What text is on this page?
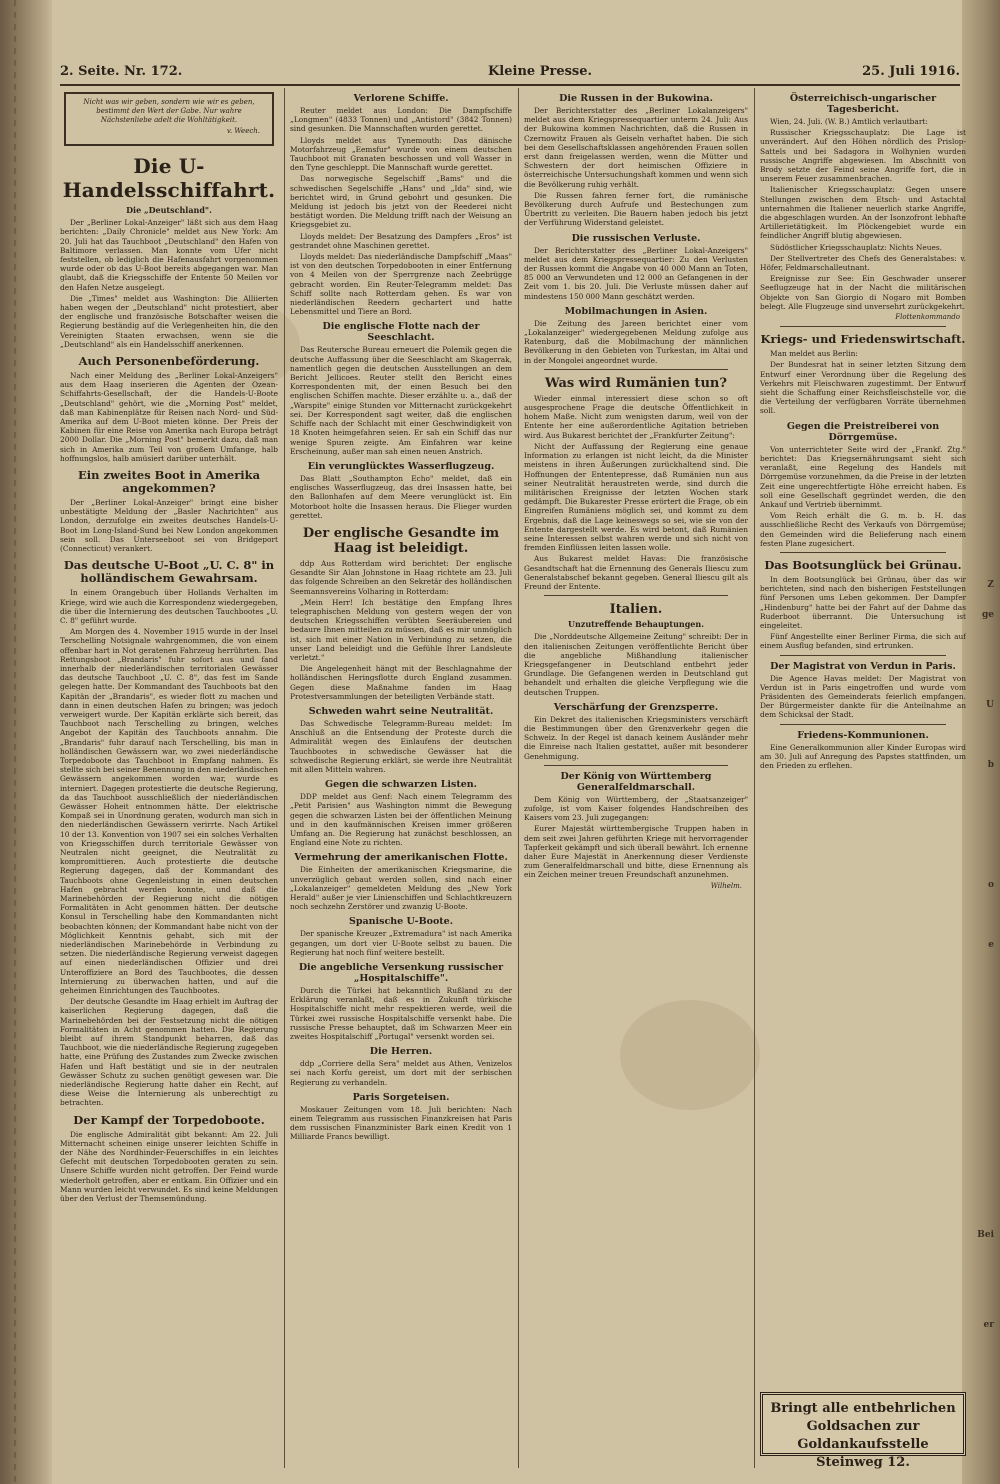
Z
ge
U
b
o
e
Bei
er
2. Seite. Nr. 172.	Kleine Presse.	25. Juli 1916.
Nicht was wir geben, sondern wie wir es geben, bestimmt den Wert der Gabe. Nur wahre Nächstenliebe adelt die Wohltätigkeit.
v. Weech.
Die U-Handelsschiffahrt.
Die „Deutschland".

Der „Berliner Lokal-Anzeiger" läßt sich aus dem Haag berichten: „Daily Chronicle" meldet aus New York: Am 20. Juli hat das Tauchboot „Deutschland" den Hafen von Baltimore verlassen. Man konnte vom Ufer nicht feststellen, ob lediglich die Hafenausfahrt vorgenommen wurde oder ob das U-Boot bereits abgegangen war. Man glaubt, daß die Kriegsschiffe der Entente 50 Meilen vor den Hafen Netze ausgelegt.

Die „Times" meldet aus Washington: Die Alliierten haben wegen der „Deutschland" nicht protestiert, aber der englische und französische Botschafter weisen die Regierung beständig auf die Verlegenheiten hin, die den Vereinigten Staaten erwachsen, wenn sie die „Deutschland" als ein Handelsschiff anerkennen.

Auch Personenbeförderung.

Nach einer Meldung des „Berliner Lokal-Anzeigers" aus dem Haag inserieren die Agenten der Ozean-Schiffahrts-Gesellschaft, der die Handels-U-Boote „Deutschland" gehört, wie die „Morning Post" meldet, daß man Kabinenplätze für Reisen nach Nord- und Süd-Amerika auf dem U-Boot mieten könne. Der Preis der Kabinen für eine Reise von Amerika nach Europa beträgt 2000 Dollar. Die „Morning Post" bemerkt dazu, daß man sich in Amerika zum Teil von großem Umfange, halb hoffnungslos, halb amüsiert darüber unterhält.

Ein zweites Boot in Amerika angekommen?

Der „Berliner Lokal-Anzeiger" bringt eine bisher unbestätigte Meldung der „Basler Nachrichten" aus London, derzufolge ein zweites deutsches Handels-U-Boot im Long-Island-Sund bei New London angekommen sein soll. Das Unterseeboot sei von Bridgeport (Connecticut) verankert.

Das deutsche U-Boot „U. C. 8" in holländischem Gewahrsam.

In einem Orangebuch über Hollands Verhalten im Kriege, wird wie auch die Korrespondenz wiedergegeben, die über die Internierung des deutschen Tauchbootes „U. C. 8" geführt wurde.

Am Morgen des 4. November 1915 wurde in der Insel Terschelling Notsignale wahrgenommen, die von einem offenbar hart in Not geratenen Fahrzeug herrührten. Das Rettungsboot „Brandaris" fuhr sofort aus und fand innerhalb der niederländischen territorialen Gewässer das deutsche Tauchboot „U. C. 8", das fest im Sande gelegen hatte. Der Kommandant des Tauchboots bat den Kapitän der „Brandaris", es wieder flott zu machen und dann in einen deutschen Hafen zu bringen; was jedoch verweigert wurde. Der Kapitän erklärte sich bereit, das Tauchboot nach Terschelling zu bringen, welches Angebot der Kapitän des Tauchboots annahm. Die „Brandaris" fuhr darauf nach Terschelling, bis man in holländischen Gewässern war, wo zwei niederländische Torpedoboote das Tauchboot in Empfang nahmen. Es stellte sich bei seiner Benennung in den niederländischen Gewässern angekommen worden war, wurde es interniert. Dagegen protestierte die deutsche Regierung, da das Tauchboot ausschließlich der niederländischen Gewässer Hoheit entnommen hätte. Der elektrische Kompaß sei in Unordnung geraten, wodurch man sich in den niederländischen Gewässern verirrte. Nach Artikel 10 der 13. Konvention von 1907 sei ein solches Verhalten von Kriegsschiffen durch territoriale Gewässer von Neutralen nicht geeignet, die Neutralität zu kompromittieren. Auch protestierte die deutsche Regierung dagegen, daß der Kommandant des Tauchboots ohne Gegenleistung in einen deutschen Hafen gebracht werden konnte, und daß die Marinebehörden der Regierung nicht die nötigen Formalitäten in Acht genommen hätten. Der deutsche Konsul in Terschelling habe den Kommandanten nicht beobachten können; der Kommandant habe nicht von der Möglichkeit Kenntnis gehabt, sich mit der niederländischen Marinebehörde in Verbindung zu setzen. Die niederländische Regierung verweist dagegen auf einen niederländischen Offizier und drei Unteroffiziere an Bord des Tauchbootes, die dessen Internierung zu überwachen hatten, und auf die geheimen Einrichtungen des Tauchbootes.

Der deutsche Gesandte im Haag erhielt im Auftrag der kaiserlichen Regierung dagegen, daß die Marinebehörden bei der Festsetzung nicht die nötigen Formalitäten in Acht genommen hatten. Die Regierung bleibt auf ihrem Standpunkt beharren, daß das Tauchboot, wie die niederländische Regierung zugegeben hatte, eine Prüfung des Zustandes zum Zwecke zwischen Hafen und Haft bestätigt und sie in der neutralen Gewässer Schutz zu suchen genötigt gewesen war. Die niederländische Regierung hatte daher ein Recht, auf diese Weise die Internierung als unberechtigt zu betrachten.

Der Kampf der Torpedoboote.

Die englische Admiralität gibt bekannt: Am 22. Juli Mitternacht scheinen einige unserer leichten Schiffe in der Nähe des Nordhinder-Feuerschiffes in ein leichtes Gefecht mit deutschen Torpedobooten geraten zu sein. Unsere Schiffe wurden nicht getroffen. Der Feind wurde wiederholt getroffen, aber er entkam. Ein Offizier und ein Mann wurden leicht verwundet. Es sind keine Meldungen über den Verlust der Themsemündung.

Verlorene Schiffe.

Reuter meldet aus London: Die Dampfschiffe „Longmen" (4833 Tonnen) und „Antistord" (3842 Tonnen) sind gesunken. Die Mannschaften wurden gerettet.

Lloyds meldet aus Tynemouth: Das dänische Motorfahrzeug „Eemsfur" wurde von einem deutschen Tauchboot mit Granaten beschossen und voll Wasser in den Tyne geschleppt. Die Mannschaft wurde gerettet.

Das norwegische Segelschiff „Bams" und die schwedischen Segelschiffe „Hans" und „Ida" sind, wie berichtet wird, in Grund gebohrt und gesunken. Die Meldung ist jedoch bis jetzt von der Reederei nicht bestätigt worden. Die Meldung trifft nach der Weisung an Kriegsgebiet zu.

Lloyds meldet: Der Besatzung des Dampfers „Eros" ist gestrandet ohne Maschinen gerettet.

Lloyds meldet: Das niederländische Dampfschiff „Maas" ist von den deutschen Torpedobooten in einer Entfernung von 4 Meilen von der Sperrgrenze nach Zeebrügge gebracht worden. Ein Reuter-Telegramm meldet: Das Schiff sollte nach Rotterdam gehen. Es war von niederländischen Reedern gechartert und hatte Lebensmittel und Tiere an Bord.

Die englische Flotte nach der Seeschlacht.

Das Reutersche Bureau erneuert die Polemik gegen die deutsche Auffassung über die Seeschlacht am Skagerrak, namentlich gegen die deutschen Ausstellungen an dem Bericht Jellicoes. Reuter stellt den Bericht eines Korrespondenten mit, der einen Besuch bei den englischen Schiffen machte. Dieser erzählte u. a., daß der „Warspite" einige Stunden vor Mitternacht zurückgekehrt sei. Der Korrespondent sagt weiter, daß die englischen Schiffe nach der Schlacht mit einer Geschwindigkeit von 18 Knoten heimgefahren seien. Er sah ein Schiff das nur wenige Spuren zeigte. Am Einfahren war keine Erscheinung, außer man sah einen neuen Anstrich.

Ein verunglücktes Wasserflugzeug.

Das Blatt „Southampton Echo" meldet, daß ein englisches Wasserflugzeug, das drei Insassen hatte, bei den Ballonhafen auf dem Meere verunglückt ist. Ein Motorboot holte die Insassen heraus. Die Flieger wurden gerettet.

Der englische Gesandte im Haag ist beleidigt.

ddp Aus Rotterdam wird berichtet: Der englische Gesandte Sir Alan Johnstone in Haag richtete am 23. Juli das folgende Schreiben an den Sekretär des holländischen Seemannsvereins Volharing in Rotterdam:

„Mein Herr! Ich bestätige den Empfang Ihres telegraphischen Meldung von gestern wegen der von deutschen Kriegsschiffen verübten Seeräubereien und bedaure Ihnen mitteilen zu müssen, daß es mir unmöglich ist, sich mit einer Nation in Verbindung zu setzen, die unser Land beleidigt und die Gefühle Ihrer Landsleute verletzt."

Die Angelegenheit hängt mit der Beschlagnahme der holländischen Heringsflotte durch England zusammen. Gegen diese Maßnahme fanden im Haag Protestversammlungen der beteiligten Verbände statt.

Schweden wahrt seine Neutralität.

Das Schwedische Telegramm-Bureau meldet: Im Anschluß an die Entsendung der Proteste durch die Admiralität wegen des Einlaufens der deutschen Tauchbootes in schwedische Gewässer hat die schwedische Regierung erklärt, sie werde ihre Neutralität mit allen Mitteln wahren.

Gegen die schwarzen Listen.

DDP meldet aus Genf: Nach einem Telegramm des „Petit Parisien" aus Washington nimmt die Bewegung gegen die schwarzen Listen bei der öffentlichen Meinung und in den kaufmännischen Kreisen immer größeren Umfang an. Die Regierung hat zunächst beschlossen, an England eine Note zu richten.

Vermehrung der amerikanischen Flotte.

Die Einheiten der amerikanischen Kriegsmarine, die unverzüglich gebaut werden sollen, sind nach einer „Lokalanzeiger" gemeldeten Meldung des „New York Herald" außer je vier Linienschiffen und Schlachtkreuzern noch sechzehn Zerstörer und zwanzig U-Boote.

Spanische U-Boote.

Der spanische Kreuzer „Extremadura" ist nach Amerika gegangen, um dort vier U-Boote selbst zu bauen. Die Regierung hat noch fünf weitere bestellt.

Die angebliche Versenkung russischer „Hospitalschiffe".

Durch die Türkei hat bekanntlich Rußland zu der Erklärung veranlaßt, daß es in Zukunft türkische Hospitalschiffe nicht mehr respektieren werde, weil die Türkei zwei russische Hospitalschiffe versenkt habe. Die russische Presse behauptet, daß im Schwarzen Meer ein zweites Hospitalschiff „Portugal" versenkt worden sei.

Die Herren.

ddp „Corriere della Sera" meldet aus Athen, Venizelos sei nach Korfu gereist, um dort mit der serbischen Regierung zu verhandeln.

Paris Sorgeteisen.

Moskauer Zeitungen vom 18. Juli berichten: Nach einem Telegramm aus russischen Finanzkreisen hat Paris dem russischen Finanzminister Bark einen Kredit von 1 Milliarde Francs bewilligt.

Die Russen in der Bukowina.

Der Berichterstatter des „Berliner Lokalanzeigers" meldet aus dem Kriegspressequartier unterm 24. Juli: Aus der Bukowina kommen Nachrichten, daß die Russen in Czernowitz Frauen als Geiseln verhaftet haben. Die sich bei dem Gesellschaftsklassen angehörenden Frauen sollen erst dann freigelassen werden, wenn die Mütter und Schwestern der dort heimischen Offiziere in österreichische Untersuchungshaft kommen und wenn sich die Bevölkerung ruhig verhält.

Die Russen fahren ferner fort, die rumänische Bevölkerung durch Aufrufe und Bestechungen zum Übertritt zu verleiten. Die Bauern haben jedoch bis jetzt der Verführung Widerstand geleistet.

Die russischen Verluste.

Der Berichterstatter des „Berliner Lokal-Anzeigers" meldet aus dem Kriegspressequartier: Zu den Verlusten der Russen kommt die Angabe von 40 000 Mann an Toten, 85 000 an Verwundeten und 12 000 an Gefangenen in der Zeit vom 1. bis 20. Juli. Die Verluste müssen daher auf mindestens 150 000 Mann geschätzt werden.

Mobilmachungen in Asien.

Die Zeitung des Jareen berichtet einer vom „Lokalanzeiger" wiedergegebenen Meldung zufolge aus Ratenburg, daß die Mobilmachung der männlichen Bevölkerung in den Gebieten von Turkestan, im Altai und in der Mongolei angeordnet wurde.

Was wird Rumänien tun?

Wieder einmal interessiert diese schon so oft ausgesprochene Frage die deutsche Öffentlichkeit in hohem Maße. Nicht zum wenigsten darum, weil von der Entente her eine außerordentliche Agitation betrieben wird. Aus Bukarest berichtet der „Frankfurter Zeitung":

Nicht der Auffassung der Regierung eine genaue Information zu erlangen ist nicht leicht, da die Minister meistens in ihren Äußerungen zurückhaltend sind. Die Hoffnungen der Ententepresse, daß Rumänien nun aus seiner Neutralität heraustreten werde, sind durch die militärischen Ereignisse der letzten Wochen stark gedämpft. Die Bukarester Presse erörtert die Frage, ob ein Eingreifen Rumäniens möglich sei, und kommt zu dem Ergebnis, daß die Lage keineswegs so sei, wie sie von der Entente dargestellt werde. Es wird betont, daß Rumänien seine Interessen selbst wahren werde und sich nicht von fremden Einflüssen leiten lassen wolle.

Aus Bukarest meldet Havas: Die französische Gesandtschaft hat die Ernennung des Generals Iliescu zum Generalstabschef bekannt gegeben. General Iliescu gilt als Freund der Entente.

Italien.
Unzutreffende Behauptungen.

Die „Norddeutsche Allgemeine Zeitung" schreibt: Der in den italienischen Zeitungen veröffentlichte Bericht über die angebliche Mißhandlung italienischer Kriegsgefangener in Deutschland entbehrt jeder Grundlage. Die Gefangenen werden in Deutschland gut behandelt und erhalten die gleiche Verpflegung wie die deutschen Truppen.

Verschärfung der Grenzsperre.

Ein Dekret des italienischen Kriegsministers verschärft die Bestimmungen über den Grenzverkehr gegen die Schweiz. In der Regel ist danach keinem Ausländer mehr die Einreise nach Italien gestattet, außer mit besonderer Genehmigung.

Der König von Württemberg Generalfeldmarschall.

Dem König von Württemberg, der „Staatsanzeiger" zufolge, ist vom Kaiser folgendes Handschreiben des Kaisers vom 23. Juli zugegangen:

Eurer Majestät württembergische Truppen haben in dem seit zwei Jahren geführten Kriege mit hervorragender Tapferkeit gekämpft und sich überall bewährt. Ich ernenne daher Eure Majestät in Anerkennung dieser Verdienste zum Generalfeldmarschall und bitte, diese Ernennung als ein Zeichen meiner treuen Freundschaft anzunehmen.

Wilhelm.
Österreichisch-ungarischer Tagesbericht.

Wien, 24. Juli. (W. B.) Amtlich verlautbart:

Russischer Kriegsschauplatz: Die Lage ist unverändert. Auf den Höhen nördlich des Prislop-Sattels und bei Sadagora in Wolhynien wurden russische Angriffe abgewiesen. Im Abschnitt von Brody setzte der Feind seine Angriffe fort, die in unserem Feuer zusammenbrachen.

Italienischer Kriegsschauplatz: Gegen unsere Stellungen zwischen dem Etsch- und Astachtal unternahmen die Italiener neuerlich starke Angriffe, die abgeschlagen wurden. An der Isonzofront lebhafte Artillerietätigkeit. Im Plöckengebiet wurde ein feindlicher Angriff blutig abgewiesen.

Südöstlicher Kriegsschauplatz: Nichts Neues.

Der Stellvertreter des Chefs des Generalstabes: v. Höfer, Feldmarschalleutnant.

Ereignisse zur See: Ein Geschwader unserer Seeflugzeuge hat in der Nacht die militärischen Objekte von San Giorgio di Nogaro mit Bomben belegt. Alle Flugzeuge sind unversehrt zurückgekehrt.

Flottenkommando
Kriegs- und Friedenswirtschaft.

Man meldet aus Berlin:

Der Bundesrat hat in seiner letzten Sitzung dem Entwurf einer Verordnung über die Regelung des Verkehrs mit Fleischwaren zugestimmt. Der Entwurf sieht die Schaffung einer Reichsfleischstelle vor, die die Verteilung der verfügbaren Vorräte übernehmen soll.

Gegen die Preistreiberei von Dörrgemüse.

Von unterrichteter Seite wird der „Frankf. Ztg." berichtet: Das Kriegsernährungsamt sieht sich veranlaßt, eine Regelung des Handels mit Dörrgemüse vorzunehmen, da die Preise in der letzten Zeit eine ungerechtfertigte Höhe erreicht haben. Es soll eine Gesellschaft gegründet werden, die den Ankauf und Vertrieb übernimmt.

Vom Reich erhält die G. m. b. H. das ausschließliche Recht des Verkaufs von Dörrgemüse; den Gemeinden wird die Belieferung nach einem festen Plane zugesichert.

Das Bootsunglück bei Grünau.

In dem Bootsunglück bei Grünau, über das wir berichteten, sind nach den bisherigen Feststellungen fünf Personen ums Leben gekommen. Der Dampfer „Hindenburg" hatte bei der Fahrt auf der Dahme das Ruderboot überrannt. Die Untersuchung ist eingeleitet.

Fünf Angestellte einer Berliner Firma, die sich auf einem Ausflug befanden, sind ertrunken.

Der Magistrat von Verdun in Paris.

Die Agence Havas meldet: Der Magistrat von Verdun ist in Paris eingetroffen und wurde vom Präsidenten des Gemeinderats feierlich empfangen. Der Bürgermeister dankte für die Anteilnahme an dem Schicksal der Stadt.

Friedens-Kommunionen.

Eine Generalkommunion aller Kinder Europas wird am 30. Juli auf Anregung des Papstes stattfinden, um den Frieden zu erflehen.

Bringt alle entbehrlichen Goldsachen zur Goldankaufsstelle Steinweg 12.
